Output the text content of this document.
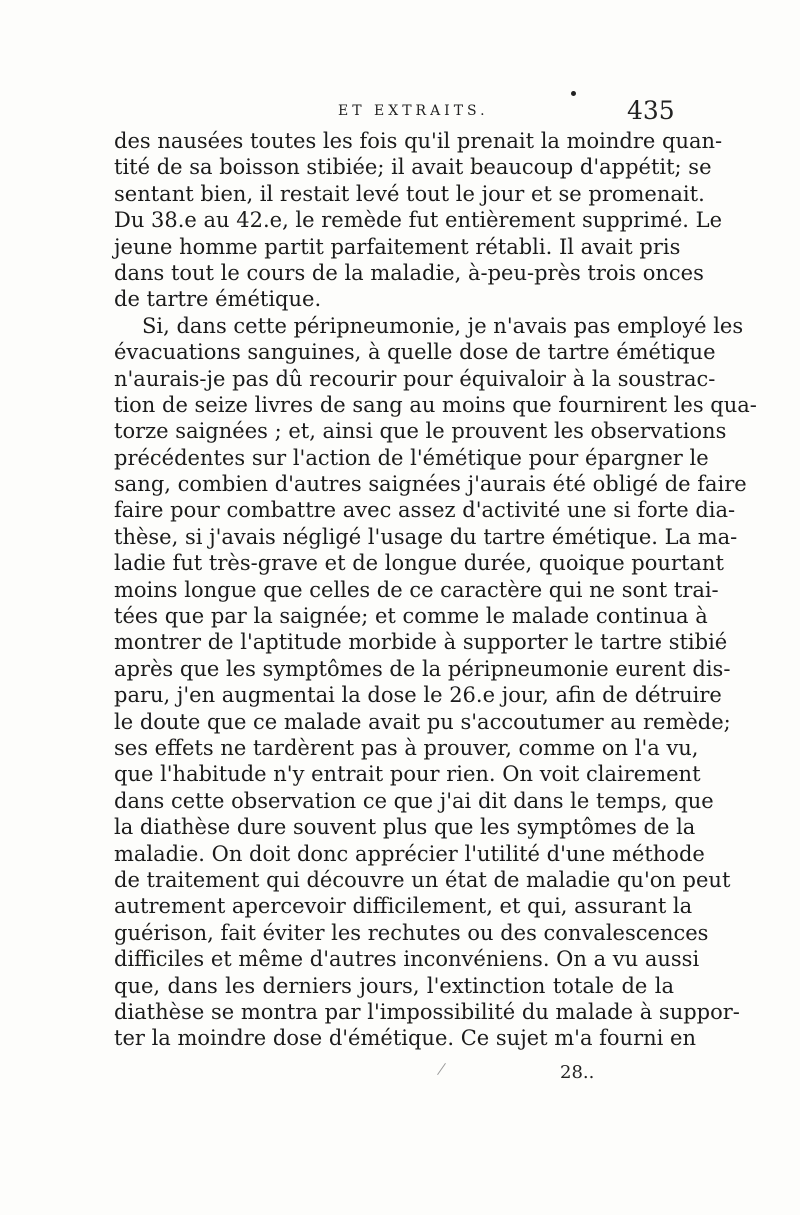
ET EXTRAITS.	435
des nausées toutes les fois qu'il prenait la moindre quan-
tité de sa boisson stibiée; il avait beaucoup d'appétit; se
sentant bien, il restait levé tout le jour et se promenait.
Du 38.e au 42.e, le remède fut entièrement supprimé. Le
jeune homme partit parfaitement rétabli. Il avait pris
dans tout le cours de la maladie, à-peu-près trois onces
de tartre émétique.
Si, dans cette péripneumonie, je n'avais pas employé les
évacuations sanguines, à quelle dose de tartre émétique
n'aurais-je pas dû recourir pour équivaloir à la soustrac-
tion de seize livres de sang au moins que fournirent les qua-
torze saignées ; et, ainsi que le prouvent les observations
précédentes sur l'action de l'émétique pour épargner le
sang, combien d'autres saignées j'aurais été obligé de faire
faire pour combattre avec assez d'activité une si forte dia-
thèse, si j'avais négligé l'usage du tartre émétique. La ma-
ladie fut très-grave et de longue durée, quoique pourtant
moins longue que celles de ce caractère qui ne sont trai-
tées que par la saignée; et comme le malade continua à
montrer de l'aptitude morbide à supporter le tartre stibié
après que les symptômes de la péripneumonie eurent dis-
paru, j'en augmentai la dose le 26.e jour, afin de détruire
le doute que ce malade avait pu s'accoutumer au remède;
ses effets ne tardèrent pas à prouver, comme on l'a vu,
que l'habitude n'y entrait pour rien. On voit clairement
dans cette observation ce que j'ai dit dans le temps, que
la diathèse dure souvent plus que les symptômes de la
maladie. On doit donc apprécier l'utilité d'une méthode
de traitement qui découvre un état de maladie qu'on peut
autrement apercevoir difficilement, et qui, assurant la
guérison, fait éviter les rechutes ou des convalescences
difficiles et même d'autres inconvéniens. On a vu aussi
que, dans les derniers jours, l'extinction totale de la
diathèse se montra par l'impossibilité du malade à suppor-
ter la moindre dose d'émétique. Ce sujet m'a fourni en
28..
